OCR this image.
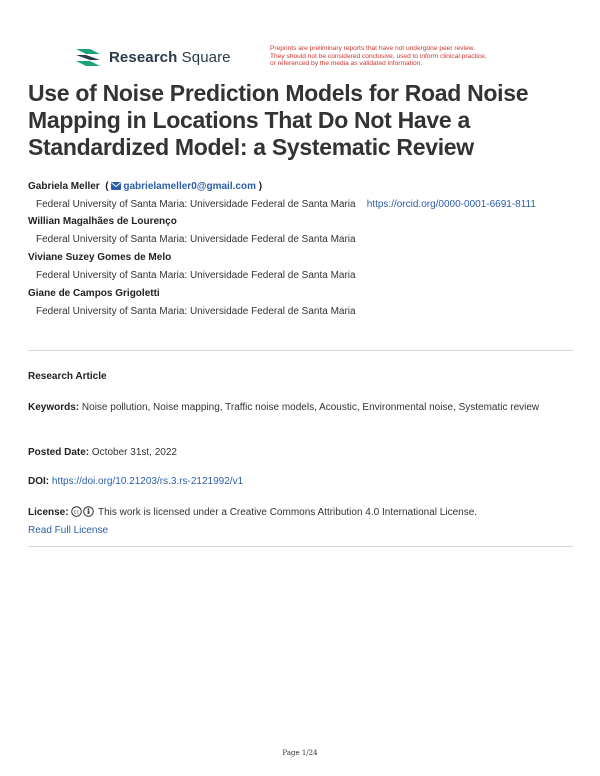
Research Square	Preprints are preliminary reports that have not undergone peer review.
They should not be considered conclusive, used to inform clinical practice,
or referenced by the media as validated information.
Use of Noise Prediction Models for Road Noise Mapping in Locations That Do Not Have a Standardized Model: a Systematic Review
Gabriela Meller  ( gabrielameller0@gmail.com )
Federal University of Santa Maria: Universidade Federal de Santa Maria https://orcid.org/0000-0001-6691-8111
Willian Magalhães de Lourenço
Federal University of Santa Maria: Universidade Federal de Santa Maria
Viviane Suzey Gomes de Melo
Federal University of Santa Maria: Universidade Federal de Santa Maria
Giane de Campos Grigoletti
Federal University of Santa Maria: Universidade Federal de Santa Maria
Research Article
Keywords: Noise pollution, Noise mapping, Traffic noise models, Acoustic, Environmental noise, Systematic review
Posted Date: October 31st, 2022
DOI: https://doi.org/10.21203/rs.3.rs-2121992/v1
License: cc This work is licensed under a Creative Commons Attribution 4.0 International License.
Read Full License
Page 1/24
